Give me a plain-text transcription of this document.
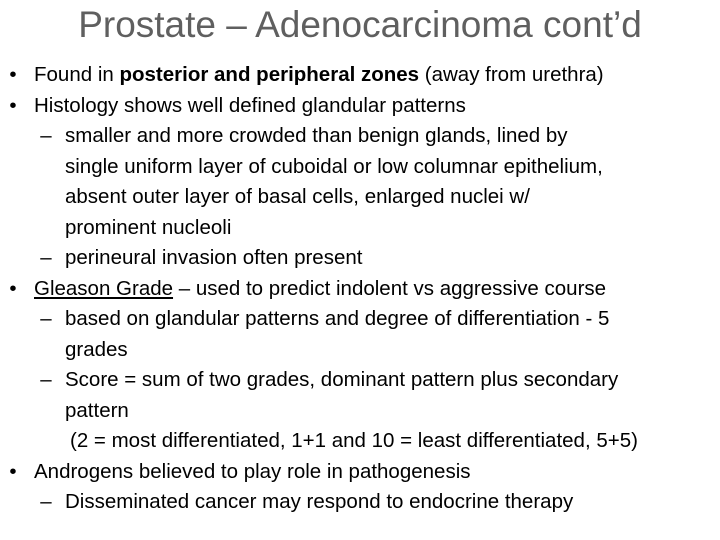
Prostate – Adenocarcinoma cont’d
• Found in posterior and peripheral zones (away from urethra)
• Histology shows well defined glandular patterns
– smaller and more crowded than benign glands, lined by
single uniform layer of cuboidal or low columnar epithelium,
absent outer layer of basal cells, enlarged nuclei w/
prominent nucleoli
– perineural invasion often present
• Gleason Grade – used to predict indolent vs aggressive course
– based on glandular patterns and degree of differentiation - 5
grades
– Score = sum of two grades, dominant pattern plus secondary
pattern
(2 = most differentiated, 1+1 and 10 = least differentiated, 5+5)
• Androgens believed to play role in pathogenesis
– Disseminated cancer may respond to endocrine therapy
